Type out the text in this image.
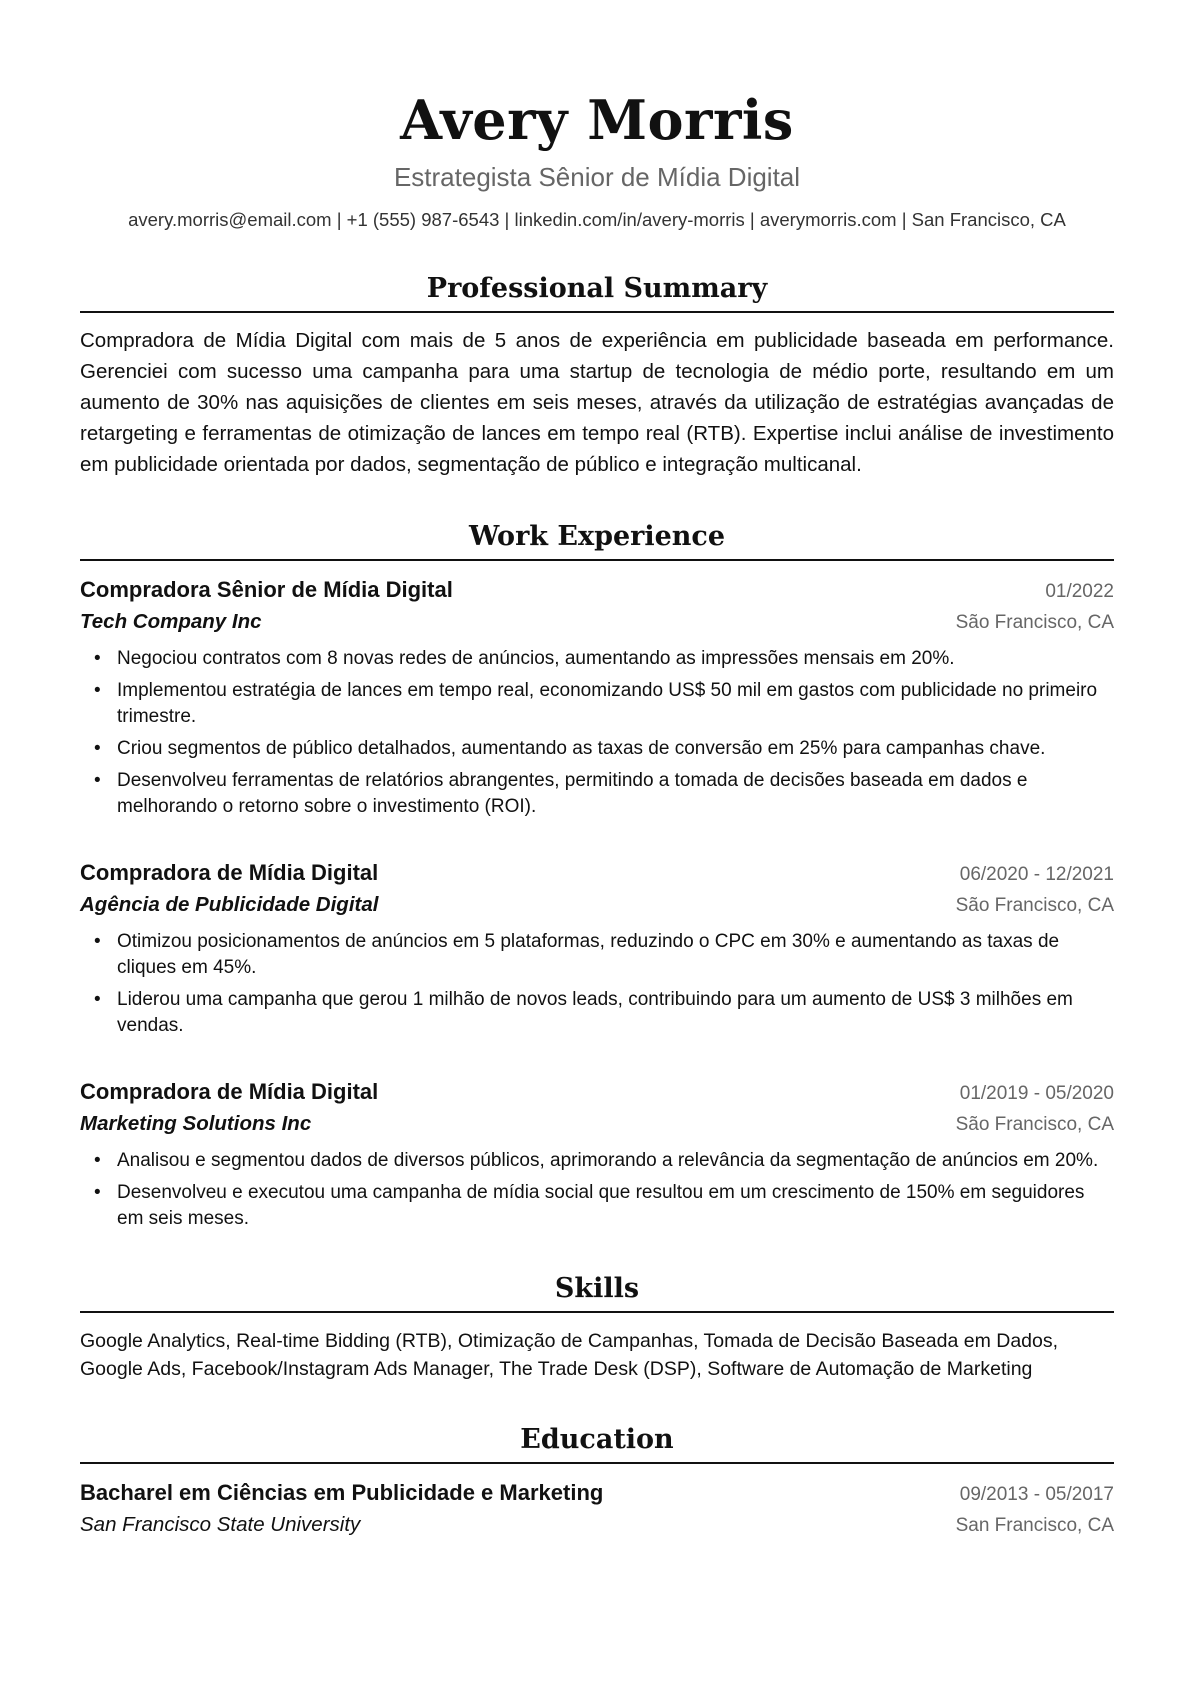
Avery Morris
Estrategista Sênior de Mídia Digital
avery.morris@email.com | +1 (555) 987-6543 | linkedin.com/in/avery-morris | averymorris.com | San Francisco, CA
Professional Summary
Compradora de Mídia Digital com mais de 5 anos de experiência em publicidade baseada em performance. Gerenciei com sucesso uma campanha para uma startup de tecnologia de médio porte, resultando em um aumento de 30% nas aquisições de clientes em seis meses, através da utilização de estratégias avançadas de retargeting e ferramentas de otimização de lances em tempo real (RTB). Expertise inclui análise de investimento em publicidade orientada por dados, segmentação de público e integração multicanal.
Work Experience
Compradora Sênior de Mídia Digital	01/2022
Tech Company Inc	São Francisco, CA
• Negociou contratos com 8 novas redes de anúncios, aumentando as impressões mensais em 20%.
• Implementou estratégia de lances em tempo real, economizando US$ 50 mil em gastos com publicidade no primeiro trimestre.
• Criou segmentos de público detalhados, aumentando as taxas de conversão em 25% para campanhas chave.
• Desenvolveu ferramentas de relatórios abrangentes, permitindo a tomada de decisões baseada em dados e melhorando o retorno sobre o investimento (ROI).
Compradora de Mídia Digital	06/2020 - 12/2021
Agência de Publicidade Digital	São Francisco, CA
• Otimizou posicionamentos de anúncios em 5 plataformas, reduzindo o CPC em 30% e aumentando as taxas de cliques em 45%.
• Liderou uma campanha que gerou 1 milhão de novos leads, contribuindo para um aumento de US$ 3 milhões em vendas.
Compradora de Mídia Digital	01/2019 - 05/2020
Marketing Solutions Inc	São Francisco, CA
• Analisou e segmentou dados de diversos públicos, aprimorando a relevância da segmentação de anúncios em 20%.
• Desenvolveu e executou uma campanha de mídia social que resultou em um crescimento de 150% em seguidores em seis meses.
Skills
Google Analytics, Real-time Bidding (RTB), Otimização de Campanhas, Tomada de Decisão Baseada em Dados, Google Ads, Facebook/Instagram Ads Manager, The Trade Desk (DSP), Software de Automação de Marketing
Education
Bacharel em Ciências em Publicidade e Marketing	09/2013 - 05/2017
San Francisco State University	San Francisco, CA
